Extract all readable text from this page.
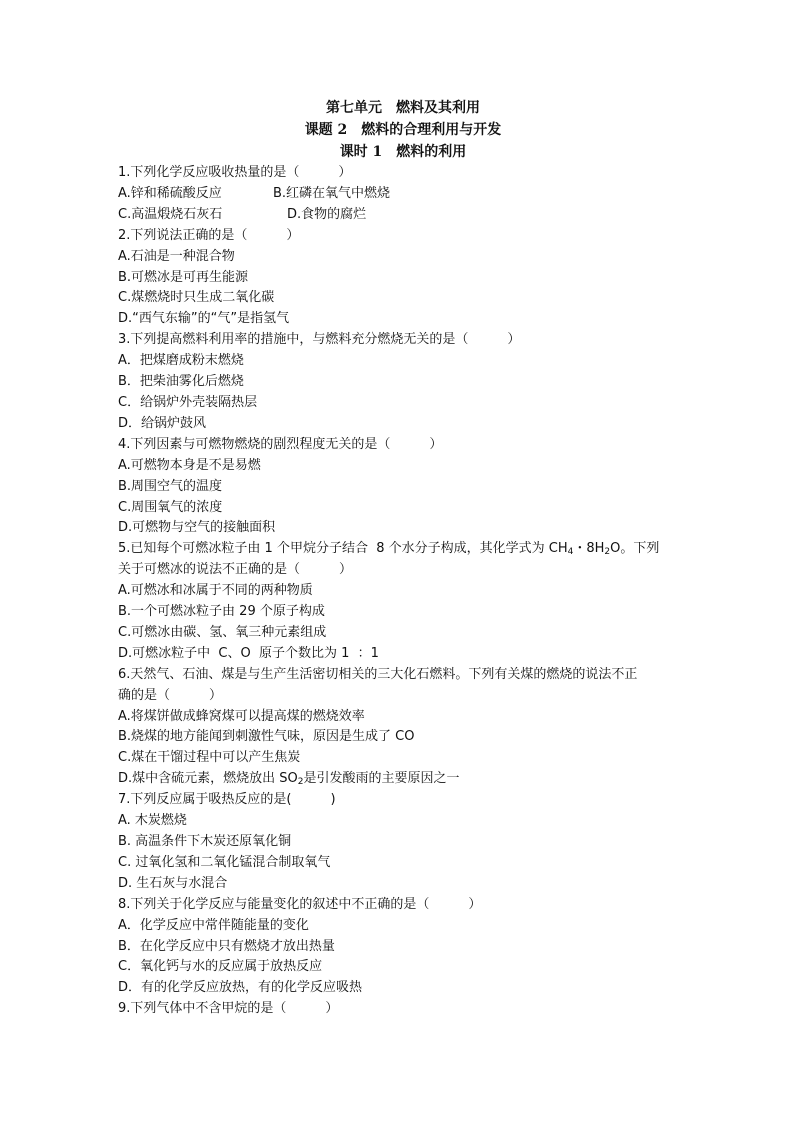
第七单元　燃料及其利用
课题 2　燃料的合理利用与开发
课时 1　燃料的利用
1.下列化学反应吸收热量的是（　　　）
A.锌和稀硫酸反应	B.红磷在氧气中燃烧
C.高温煅烧石灰石	D.食物的腐烂
2.下列说法正确的是（　　　）
A.石油是一种混合物
B.可燃冰是可再生能源
C.煤燃烧时只生成二氧化碳
D.“西气东输”的“气”是指氢气
3.下列提高燃料利用率的措施中，与燃料充分燃烧无关的是（　　　）
A．把煤磨成粉末燃烧
B．把柴油雾化后燃烧
C．给锅炉外壳装隔热层
D．给锅炉鼓风
4.下列因素与可燃物燃烧的剧烈程度无关的是（　　　）
A.可燃物本身是不是易燃
B.周围空气的温度
C.周围氧气的浓度
D.可燃物与空气的接触面积
5.已知每个可燃冰粒子由 1 个甲烷分子结合  8 个水分子构成，其化学式为 $CH_4$・$8H_2O$。下列
关于可燃冰的说法不正确的是（　　　）
A.可燃冰和冰属于不同的两种物质
B.一个可燃冰粒子由 29 个原子构成
C.可燃冰由碳、氢、氧三种元素组成
D.可燃冰粒子中  C、O  原子个数比为 1  ：1
6.天然气、石油、煤是与生产生活密切相关的三大化石燃料。下列有关煤的燃烧的说法不正
确的是（　　　）
A.将煤饼做成蜂窝煤可以提高煤的燃烧效率
B.烧煤的地方能闻到刺激性气味，原因是生成了 CO
C.煤在干馏过程中可以产生焦炭
D.煤中含硫元素，燃烧放出 $SO_2$是引发酸雨的主要原因之一
7.下列反应属于吸热反应的是(　　　)
A. 木炭燃烧
B. 高温条件下木炭还原氧化铜
C. 过氧化氢和二氧化锰混合制取氧气
D. 生石灰与水混合
8.下列关于化学反应与能量变化的叙述中不正确的是（　　　）
A．化学反应中常伴随能量的变化
B．在化学反应中只有燃烧才放出热量
C．氧化钙与水的反应属于放热反应
D．有的化学反应放热，有的化学反应吸热
9.下列气体中不含甲烷的是（　　　）
